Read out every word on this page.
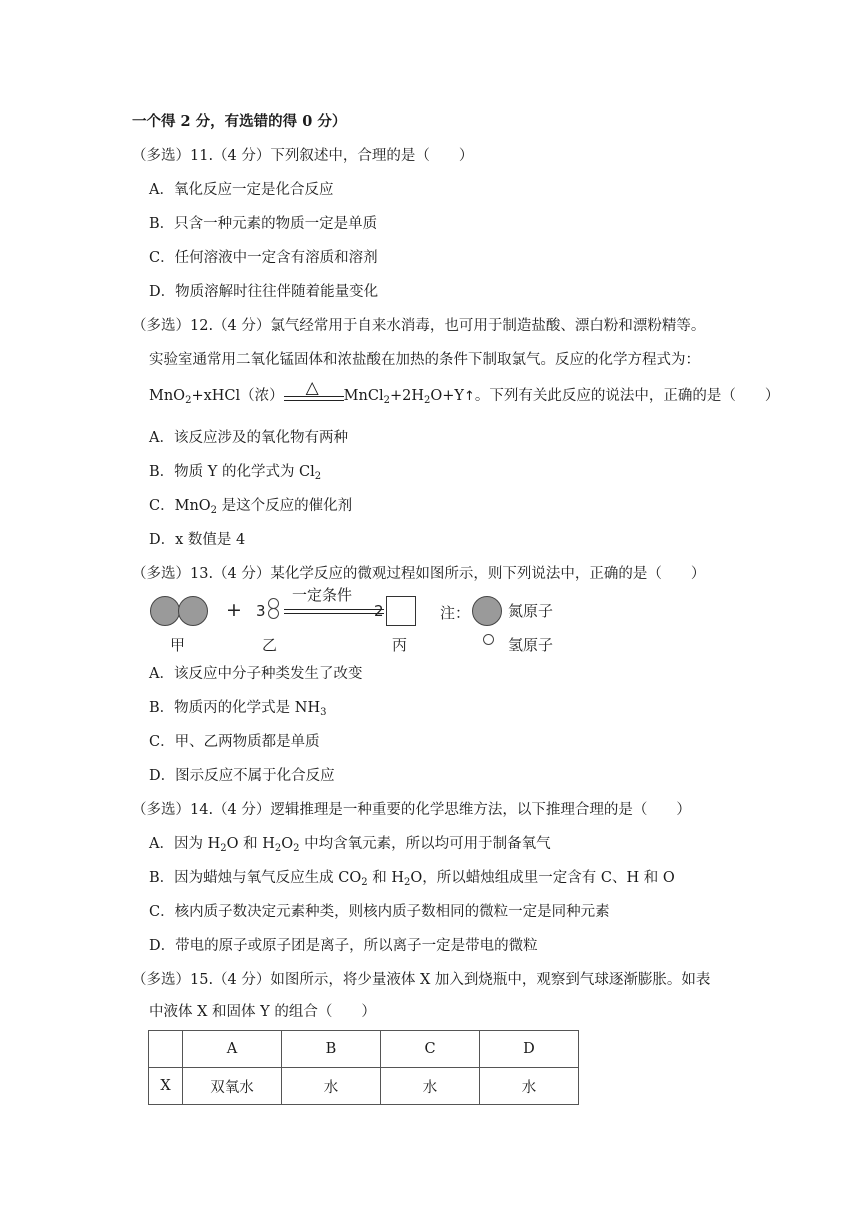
一个得 2 分，有选错的得 0 分）
（多选）11.（4 分）下列叙述中，合理的是（　　）
A．氧化反应一定是化合反应
B．只含一种元素的物质一定是单质
C．任何溶液中一定含有溶质和溶剂
D．物质溶解时往往伴随着能量变化
（多选）12.（4 分）氯气经常用于自来水消毒，也可用于制造盐酸、漂白粉和漂粉精等。
实验室通常用二氧化锰固体和浓盐酸在加热的条件下制取氯气。反应的化学方程式为：
MnO$_2$+xHCl（浓） △ $MnCl_2+2H_2O+Y↑$。下列有关此反应的说法中，正确的是（　　）
A．该反应涉及的氧化物有两种
B．物质 Y 的化学式为 $Cl_2$
C．MnO$_2$ 是这个反应的催化剂
D．x 数值是 4
（多选）13.（4 分）某化学反应的微观过程如图所示，则下列说法中，正确的是（　　）
甲
+ 3
乙
一定条件
2
丙
注：	氮原子
氢原子
A．该反应中分子种类发生了改变
B．物质丙的化学式是 $NH_3$
C．甲、乙两物质都是单质
D．图示反应不属于化合反应
（多选）14.（4 分）逻辑推理是一种重要的化学思维方法，以下推理合理的是（　　）
A．因为 $H_2O$ 和 $H_2O_2$ 中均含氧元素，所以均可用于制备氧气
B．因为蜡烛与氧气反应生成 $CO_2$ 和 $H_2O$，所以蜡烛组成里一定含有 C、H 和 O
C．核内质子数决定元素种类，则核内质子数相同的微粒一定是同种元素
D．带电的原子或原子团是离子，所以离子一定是带电的微粒
（多选）15.（4 分）如图所示，将少量液体 X 加入到烧瓶中，观察到气球逐渐膨胀。如表
中液体 X 和固体 Y 的组合（　　）
	A	B	C	D
X	双氧水	水	水	水
